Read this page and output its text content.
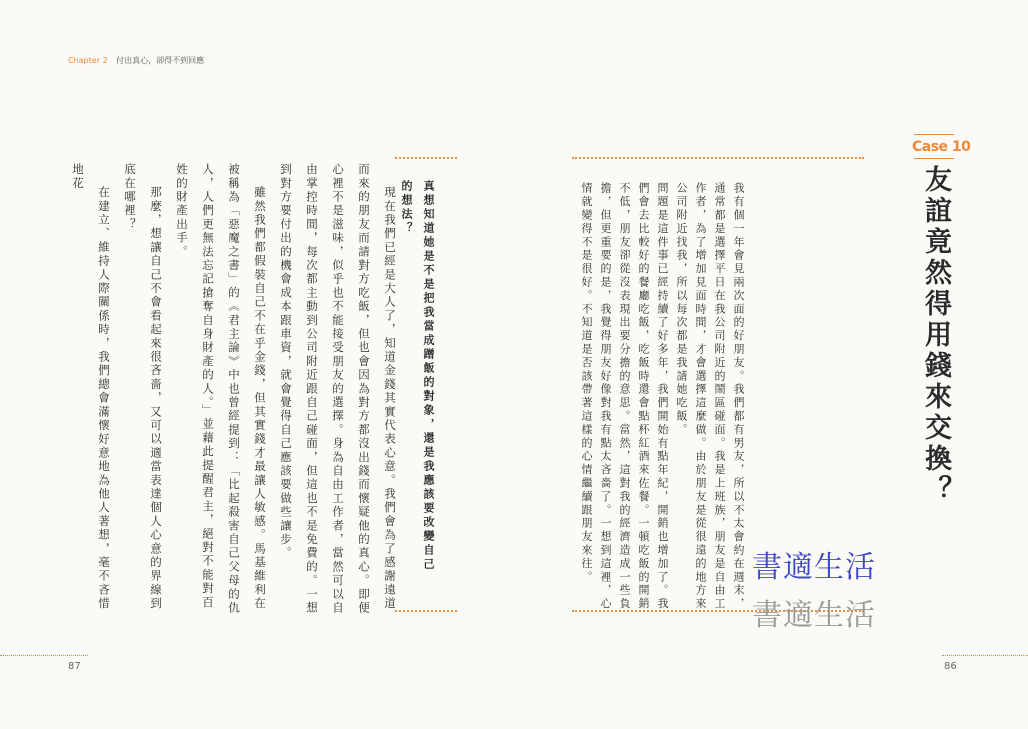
Chapter 2 付出真心，卻得不到回應
Case 10
友誼竟然得用錢來交換？

我有個一年會見兩次面的好朋友。我們都有男友，所以不太會約在週末，通常都是選擇平日在我公司附近的鬧區碰面。我是上班族，朋友是自由工作者，為了增加見面時間，才會選擇這麼做。由於朋友是從很遠的地方來公司附近找我，所以每次都是我請她吃飯。

問題是這件事已經持續了好多年，我們開始有點年紀，開銷也增加了。我們會去比較好的餐廳吃飯，吃飯時還會點杯紅酒來佐餐。一頓吃飯的開銷不低，朋友卻從沒表現出要分擔的意思。當然，這對我的經濟造成一些負擔，但更重要的是，我覺得朋友好像對我有點太吝嗇了。一想到這裡，心情就變得不是很好。不知道是否該帶著這樣的心情繼續跟朋友來往。

86

真想知道她是不是把我當成蹭飯的對象，還是我應該要改變自己

的想法？

現在我們已經是大人了，知道金錢其實代表心意。我們會為了感謝遠道而來的朋友而請對方吃飯，但也會因為對方都沒出錢而懷疑他的真心。即便心裡不是滋味，似乎也不能接受朋友的選擇。身為自由工作者，當然可以自由掌控時間，每次都主動到公司附近跟自己碰面，但這也不是免費的。一想到對方要付出的機會成本跟車資，就會覺得自己應該要做些讓步。

雖然我們都假裝自己不在乎金錢，但其實錢才最讓人敏感。馬基維利在被稱為「惡魔之書」的《君主論》中也曾經提到：「比起殺害自己父母的仇人，人們更無法忘記搶奪自身財產的人。」並藉此提醒君主，絕對不能對百姓的財產出手。

那麼，想讓自己不會看起來很吝嗇，又可以適當表達個人心意的界線到底在哪裡？

在建立、維持人際關係時，我們總會滿懷好意地為他人著想，毫不吝惜地花

87
書適生活
書適生活
